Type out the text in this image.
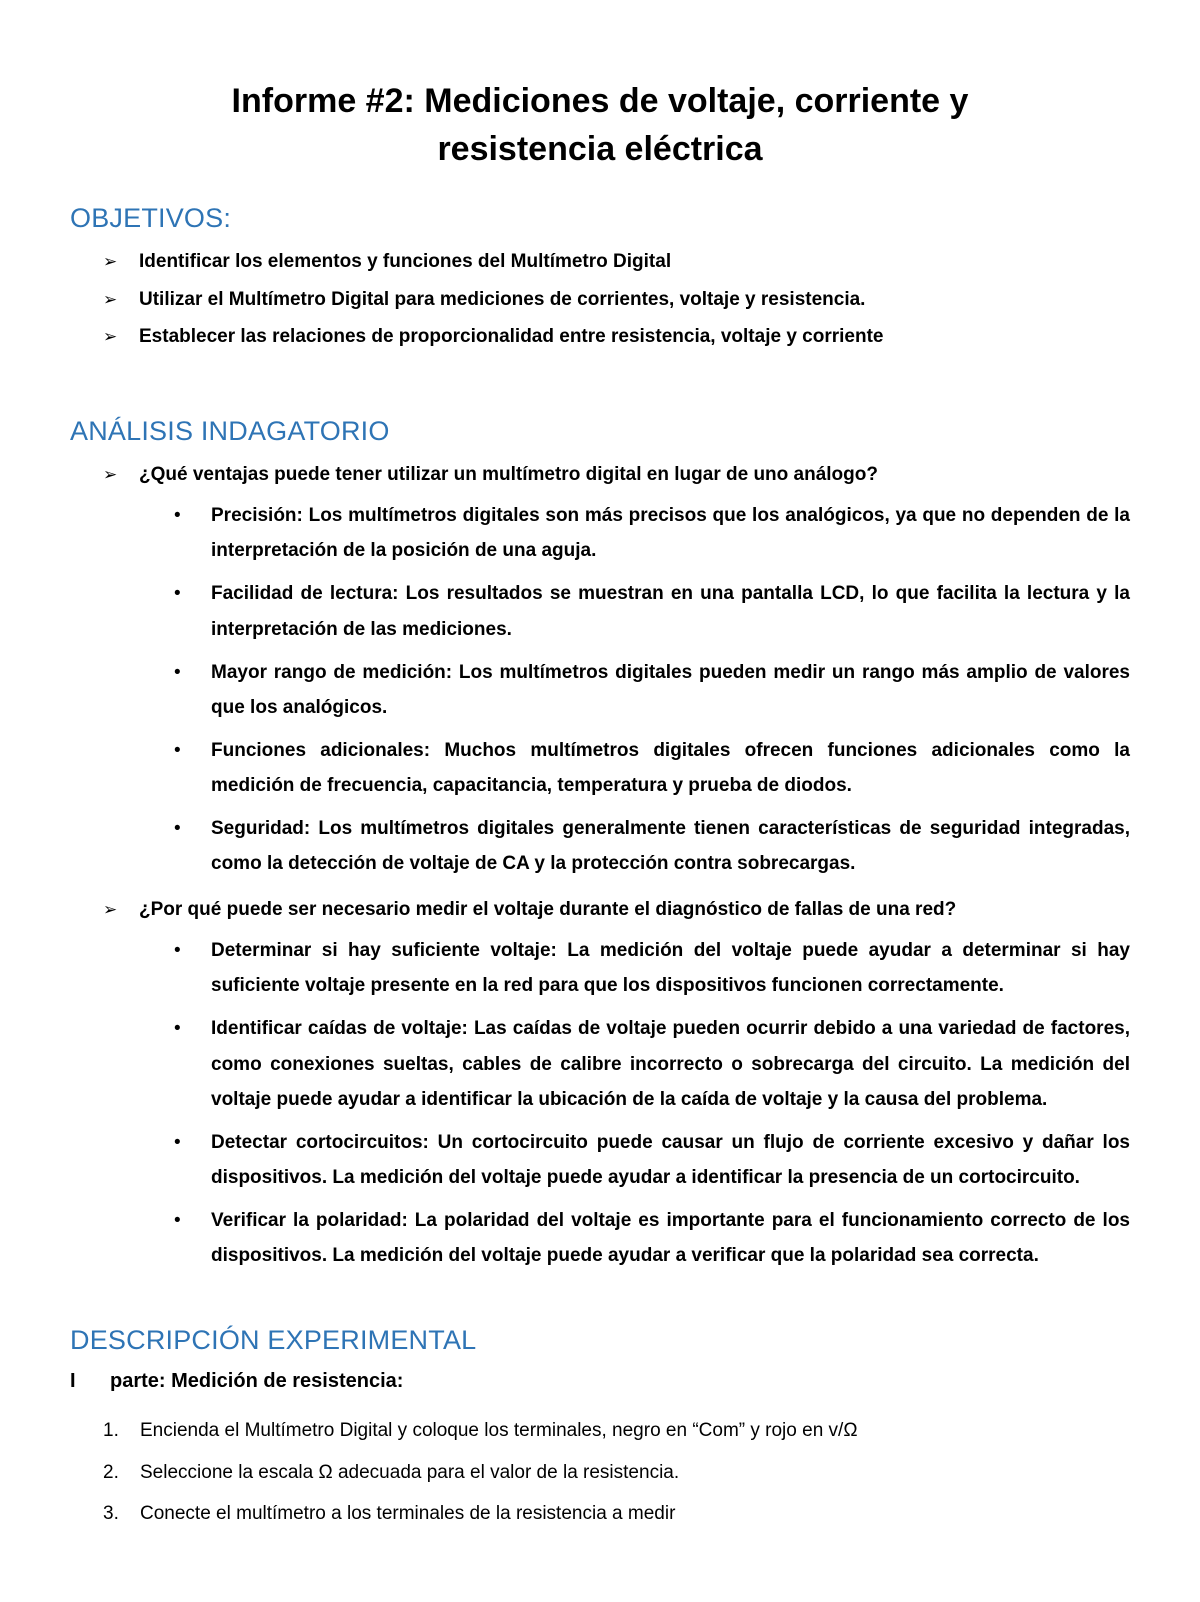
Informe #2: Mediciones de voltaje, corriente y resistencia eléctrica
OBJETIVOS:
➢	Identificar los elementos y funciones del Multímetro Digital
➢	Utilizar el Multímetro Digital para mediciones de corrientes, voltaje y resistencia.
➢	Establecer las relaciones de proporcionalidad entre resistencia, voltaje y corriente
ANÁLISIS INDAGATORIO
➢	¿Qué ventajas puede tener utilizar un multímetro digital en lugar de uno análogo?
•	Precisión: Los multímetros digitales son más precisos que los analógicos, ya que no dependen de la interpretación de la posición de una aguja.

•	Facilidad de lectura: Los resultados se muestran en una pantalla LCD, lo que facilita la lectura y la interpretación de las mediciones.

•	Mayor rango de medición: Los multímetros digitales pueden medir un rango más amplio de valores que los analógicos.

•	Funciones adicionales: Muchos multímetros digitales ofrecen funciones adicionales como la medición de frecuencia, capacitancia, temperatura y prueba de diodos.

•	Seguridad: Los multímetros digitales generalmente tienen características de seguridad integradas, como la detección de voltaje de CA y la protección contra sobrecargas.

➢	¿Por qué puede ser necesario medir el voltaje durante el diagnóstico de fallas de una red?
•	Determinar si hay suficiente voltaje: La medición del voltaje puede ayudar a determinar si hay suficiente voltaje presente en la red para que los dispositivos funcionen correctamente.

•	Identificar caídas de voltaje: Las caídas de voltaje pueden ocurrir debido a una variedad de factores, como conexiones sueltas, cables de calibre incorrecto o sobrecarga del circuito. La medición del voltaje puede ayudar a identificar la ubicación de la caída de voltaje y la causa del problema.

•	Detectar cortocircuitos: Un cortocircuito puede causar un flujo de corriente excesivo y dañar los dispositivos. La medición del voltaje puede ayudar a identificar la presencia de un cortocircuito.

•	Verificar la polaridad: La polaridad del voltaje es importante para el funcionamiento correcto de los dispositivos. La medición del voltaje puede ayudar a verificar que la polaridad sea correcta.

DESCRIPCIÓN EXPERIMENTAL
I parte: Medición de resistencia:
1.	Encienda el Multímetro Digital y coloque los terminales, negro en “Com” y rojo en v/Ω
2.	Seleccione la escala Ω adecuada para el valor de la resistencia.
3.	Conecte el multímetro a los terminales de la resistencia a medir
